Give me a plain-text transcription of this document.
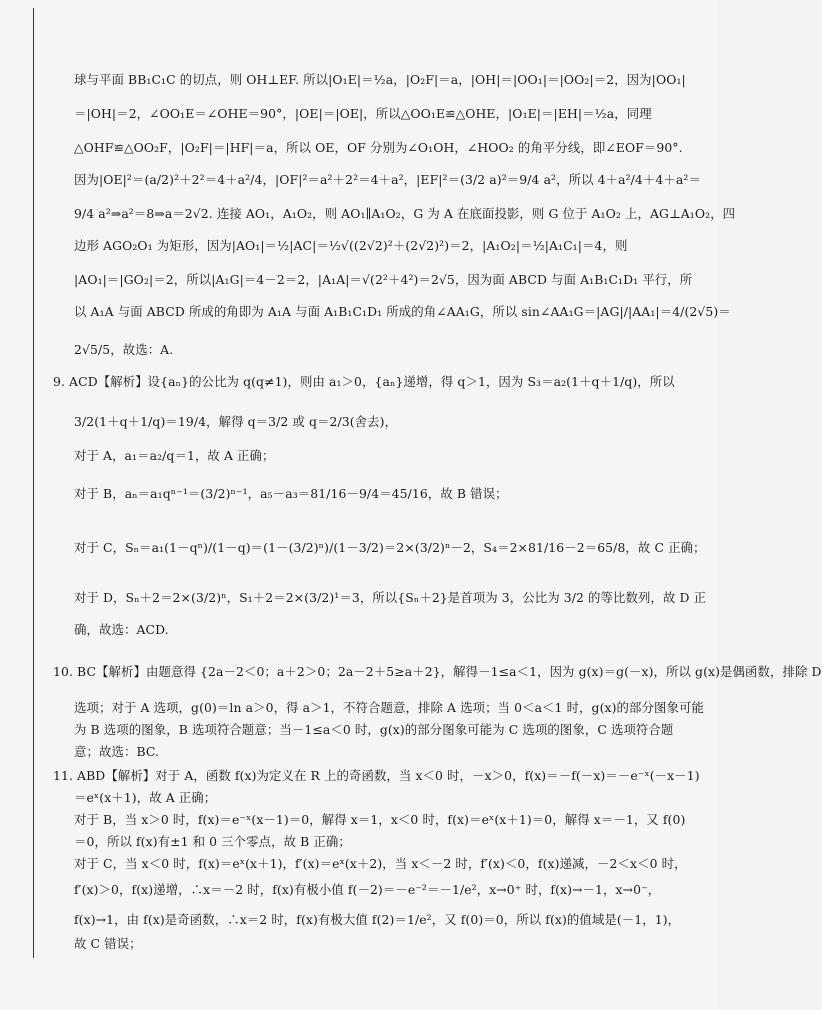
球与平面 BB₁C₁C 的切点，则 OH⊥EF. 所以|O₁E|＝½a，|O₂F|＝a，|OH|＝|OO₁|＝|OO₂|＝2，因为|OO₁|
＝|OH|＝2，∠OO₁E＝∠OHE＝90°，|OE|＝|OE|，所以△OO₁E≌△OHE，|O₁E|＝|EH|＝½a，同理
△OHF≌△OO₂F，|O₂F|＝|HF|＝a，所以 OE，OF 分别为∠O₁OH，∠HOO₂ 的角平分线，即∠EOF＝90°.
因为|OE|²＝(a/2)²＋2²＝4＋a²/4，|OF|²＝a²＋2²＝4＋a²，|EF|²＝(3/2 a)²＝9/4 a²，所以 4＋a²/4＋4＋a²＝
9/4 a²⇒a²＝8⇒a＝2√2. 连接 AO₁，A₁O₂，则 AO₁∥A₁O₂，G 为 A 在底面投影，则 G 位于 A₁O₂ 上，AG⊥A₁O₂，四
边形 AGO₂O₁ 为矩形，因为|AO₁|＝½|AC|＝½√((2√2)²＋(2√2)²)＝2，|A₁O₂|＝½|A₁C₁|＝4，则
|AO₁|＝|GO₂|＝2，所以|A₁G|＝4－2＝2，|A₁A|＝√(2²＋4²)＝2√5，因为面 ABCD 与面 A₁B₁C₁D₁ 平行，所
以 A₁A 与面 ABCD 所成的角即为 A₁A 与面 A₁B₁C₁D₁ 所成的角∠AA₁G，所以 sin∠AA₁G＝|AG|/|AA₁|＝4/(2√5)＝
2√5/5，故选：A.
9. ACD【解析】设{aₙ}的公比为 q(q≠1)，则由 a₁＞0，{aₙ}递增，得 q＞1，因为 S₃＝a₂(1＋q＋1/q)，所以
3/2(1＋q＋1/q)＝19/4，解得 q＝3/2 或 q＝2/3(舍去)，
对于 A，a₁＝a₂/q＝1，故 A 正确；
对于 B，aₙ＝a₁qⁿ⁻¹＝(3/2)ⁿ⁻¹，a₅－a₃＝81/16－9/4＝45/16，故 B 错误；
对于 C，Sₙ＝a₁(1－qⁿ)/(1－q)＝(1－(3/2)ⁿ)/(1－3/2)＝2×(3/2)ⁿ－2，S₄＝2×81/16－2＝65/8，故 C 正确；
对于 D，Sₙ＋2＝2×(3/2)ⁿ，S₁＋2＝2×(3/2)¹＝3，所以{Sₙ＋2}是首项为 3，公比为 3/2 的等比数列，故 D 正
确，故选：ACD.
10. BC【解析】由题意得 {2a－2＜0；a＋2＞0；2a－2＋5≥a＋2}，解得－1≤a＜1，因为 g(x)＝g(－x)，所以 g(x)是偶函数，排除 D
选项；对于 A 选项，g(0)＝ln a＞0，得 a＞1，不符合题意，排除 A 选项；当 0＜a＜1 时，g(x)的部分图象可能
为 B 选项的图象，B 选项符合题意；当－1≤a＜0 时，g(x)的部分图象可能为 C 选项的图象，C 选项符合题
意；故选：BC.
11. ABD【解析】对于 A，函数 f(x)为定义在 R 上的奇函数，当 x＜0 时，－x＞0，f(x)＝－f(－x)＝－e⁻ˣ(－x－1)
＝eˣ(x＋1)，故 A 正确；
对于 B，当 x＞0 时，f(x)＝e⁻ˣ(x－1)＝0，解得 x＝1，x＜0 时，f(x)＝eˣ(x＋1)＝0，解得 x＝－1，又 f(0)
＝0，所以 f(x)有±1 和 0 三个零点，故 B 正确；
对于 C，当 x＜0 时，f(x)＝eˣ(x＋1)，f′(x)＝eˣ(x＋2)，当 x＜－2 时，f′(x)＜0，f(x)递减，－2＜x＜0 时，
f′(x)＞0，f(x)递增，∴x＝－2 时，f(x)有极小值 f(－2)＝－e⁻²＝－1/e²，x→0⁺ 时，f(x)→－1，x→0⁻，
f(x)→1，由 f(x)是奇函数，∴x＝2 时，f(x)有极大值 f(2)＝1/e²，又 f(0)＝0，所以 f(x)的值域是(－1，1)，
故 C 错误；
